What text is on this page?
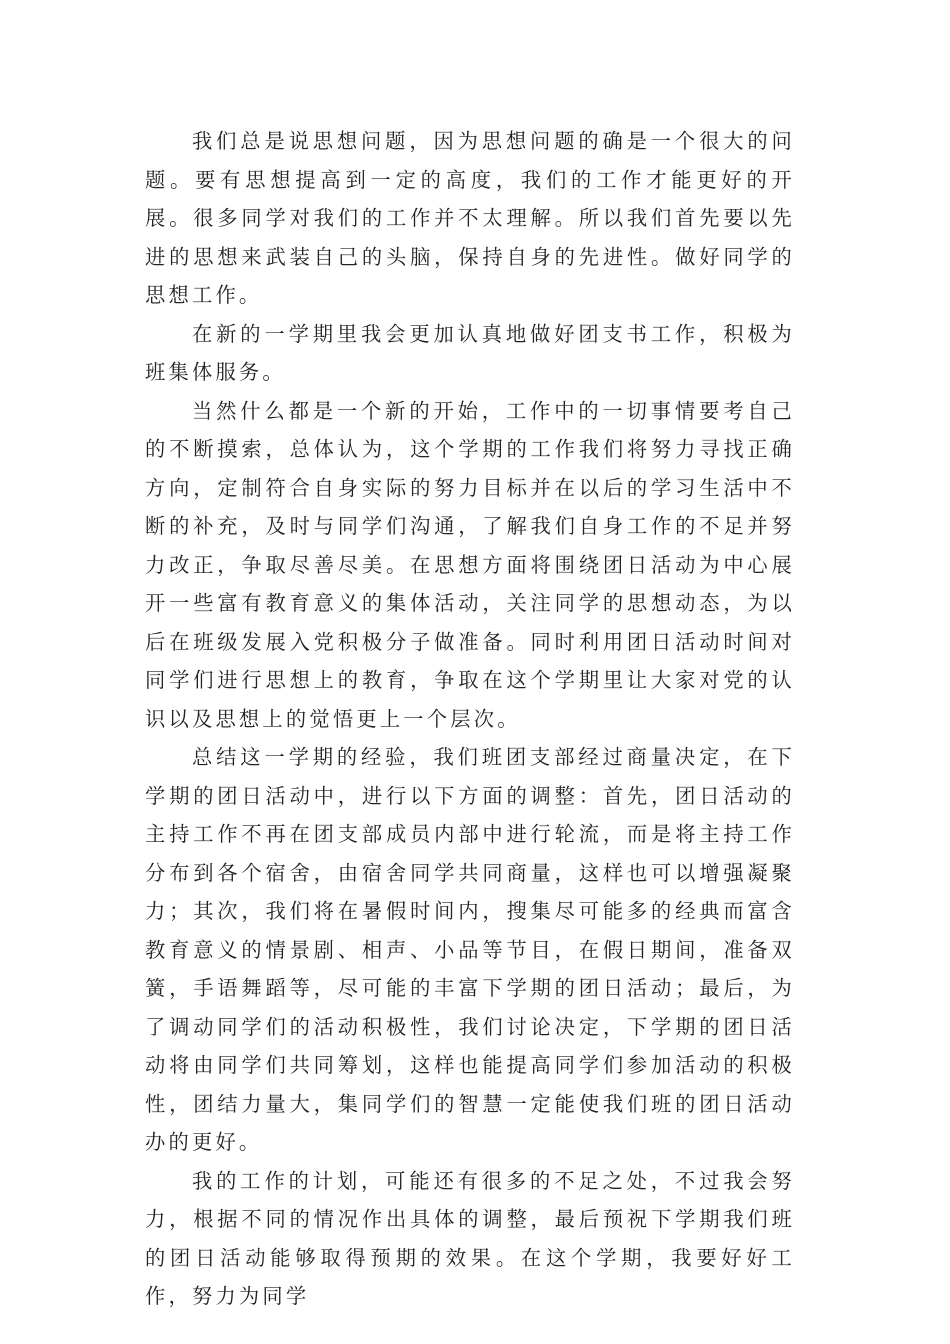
我们总是说思想问题，因为思想问题的确是一个很大的问题。要有思想提高到一定的高度，我们的工作才能更好的开展。很多同学对我们的工作并不太理解。所以我们首先要以先进的思想来武装自己的头脑，保持自身的先进性。做好同学的思想工作。

在新的一学期里我会更加认真地做好团支书工作，积极为班集体服务。

当然什么都是一个新的开始，工作中的一切事情要考自己的不断摸索，总体认为，这个学期的工作我们将努力寻找正确方向，定制符合自身实际的努力目标并在以后的学习生活中不断的补充，及时与同学们沟通，了解我们自身工作的不足并努力改正，争取尽善尽美。在思想方面将围绕团日活动为中心展开一些富有教育意义的集体活动，关注同学的思想动态，为以后在班级发展入党积极分子做准备。同时利用团日活动时间对同学们进行思想上的教育，争取在这个学期里让大家对党的认识以及思想上的觉悟更上一个层次。

总结这一学期的经验，我们班团支部经过商量决定，在下学期的团日活动中，进行以下方面的调整：首先，团日活动的主持工作不再在团支部成员内部中进行轮流，而是将主持工作分布到各个宿舍，由宿舍同学共同商量，这样也可以增强凝聚力；其次，我们将在暑假时间内，搜集尽可能多的经典而富含教育意义的情景剧、相声、小品等节目，在假日期间，准备双簧，手语舞蹈等，尽可能的丰富下学期的团日活动；最后，为了调动同学们的活动积极性，我们讨论决定，下学期的团日活动将由同学们共同筹划，这样也能提高同学们参加活动的积极性，团结力量大，集同学们的智慧一定能使我们班的团日活动办的更好。

我的工作的计划，可能还有很多的不足之处，不过我会努力，根据不同的情况作出具体的调整，最后预祝下学期我们班的团日活动能够取得预期的效果。在这个学期，我要好好工作，努力为同学
